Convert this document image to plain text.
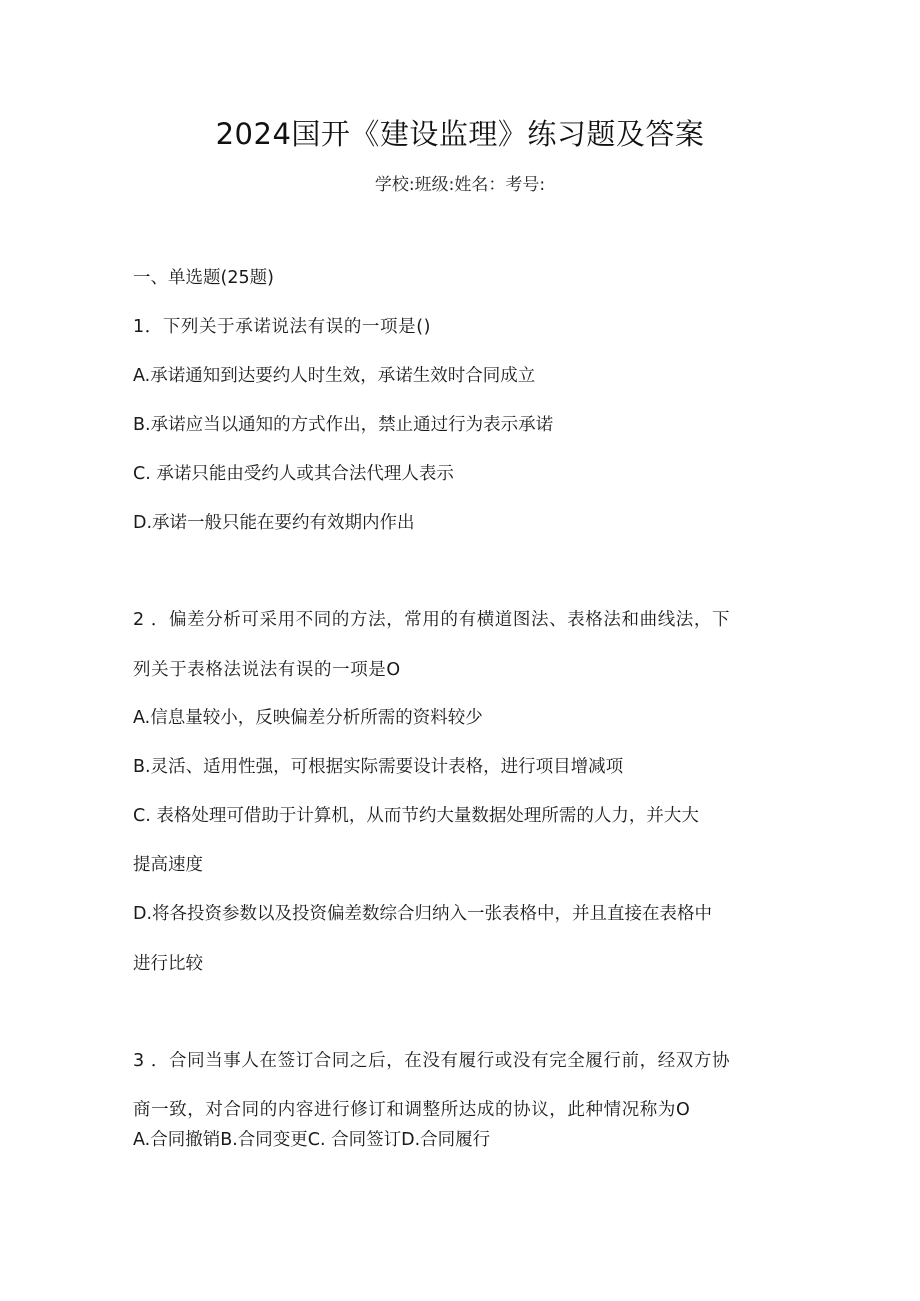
2024国开《建设监理》练习题及答案
学校:班级:姓名：考号:
一、单选题(25题)
1．下列关于承诺说法有误的一项是()
A.承诺通知到达要约人时生效，承诺生效时合同成立
B.承诺应当以通知的方式作出，禁止通过行为表示承诺
C. 承诺只能由受约人或其合法代理人表示
D.承诺一般只能在要约有效期内作出
2 ．偏差分析可采用不同的方法，常用的有横道图法、表格法和曲线法，下
列关于表格法说法有误的一项是O
A.信息量较小，反映偏差分析所需的资料较少
B.灵活、适用性强，可根据实际需要设计表格，进行项目增减项
C. 表格处理可借助于计算机，从而节约大量数据处理所需的人力，并大大
提高速度
D.将各投资参数以及投资偏差数综合归纳入一张表格中，并且直接在表格中
进行比较
3 ．合同当事人在签订合同之后，在没有履行或没有完全履行前，经双方协
商一致，对合同的内容进行修订和调整所达成的协议，此种情况称为O
A.合同撤销B.合同变更C. 合同签订D.合同履行
